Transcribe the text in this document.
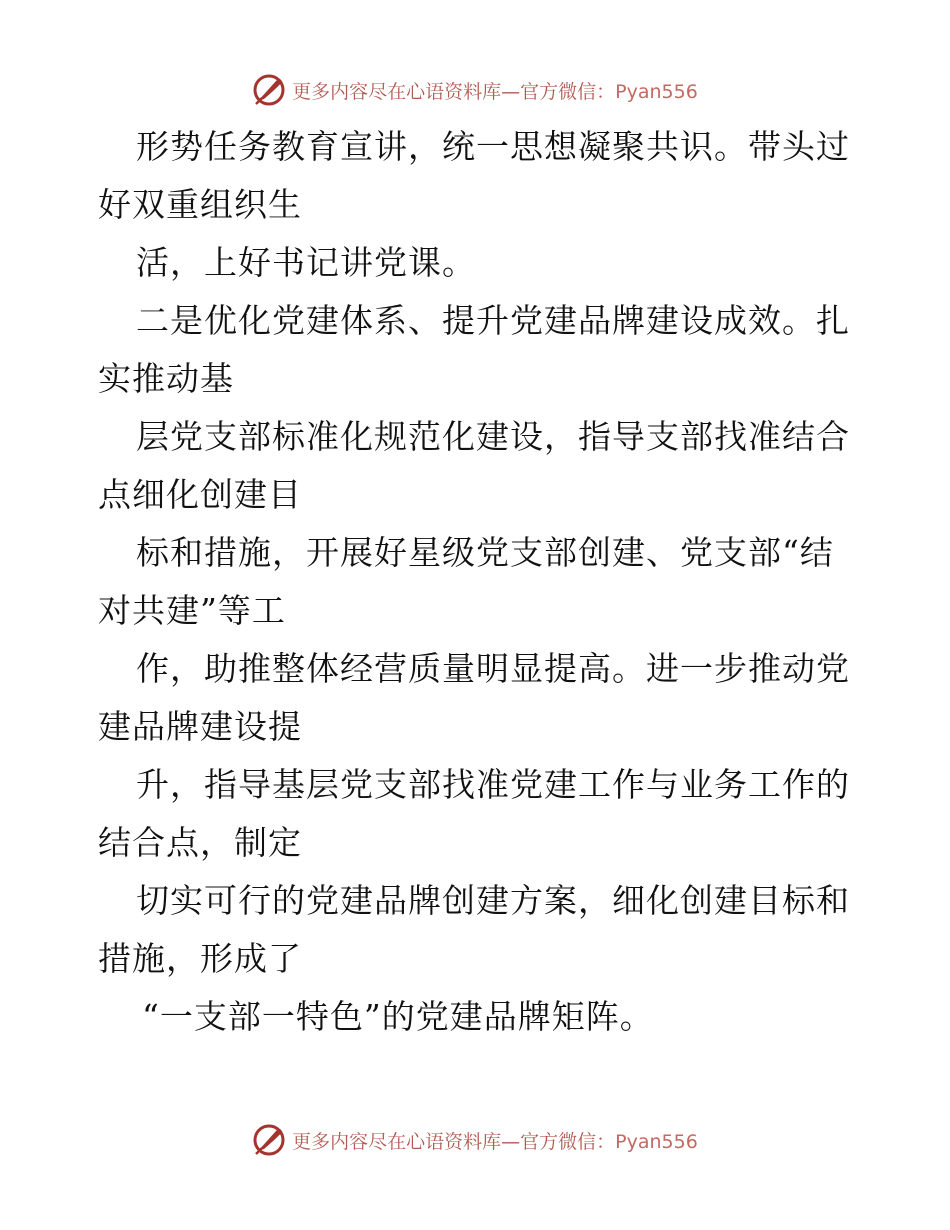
更多内容尽在心语资料库—官方微信：Pyan556
形势任务教育宣讲，统一思想凝聚共识。带头过
好双重组织生
活，上好书记讲党课。
二是优化党建体系、提升党建品牌建设成效。扎
实推动基
层党支部标准化规范化建设，指导支部找准结合
点细化创建目
标和措施，开展好星级党支部创建、党支部“结
对共建”等工
作，助推整体经营质量明显提高。进一步推动党
建品牌建设提
升，指导基层党支部找准党建工作与业务工作的
结合点，制定
切实可行的党建品牌创建方案，细化创建目标和
措施，形成了
“一支部一特色”的党建品牌矩阵。
更多内容尽在心语资料库—官方微信：Pyan556
